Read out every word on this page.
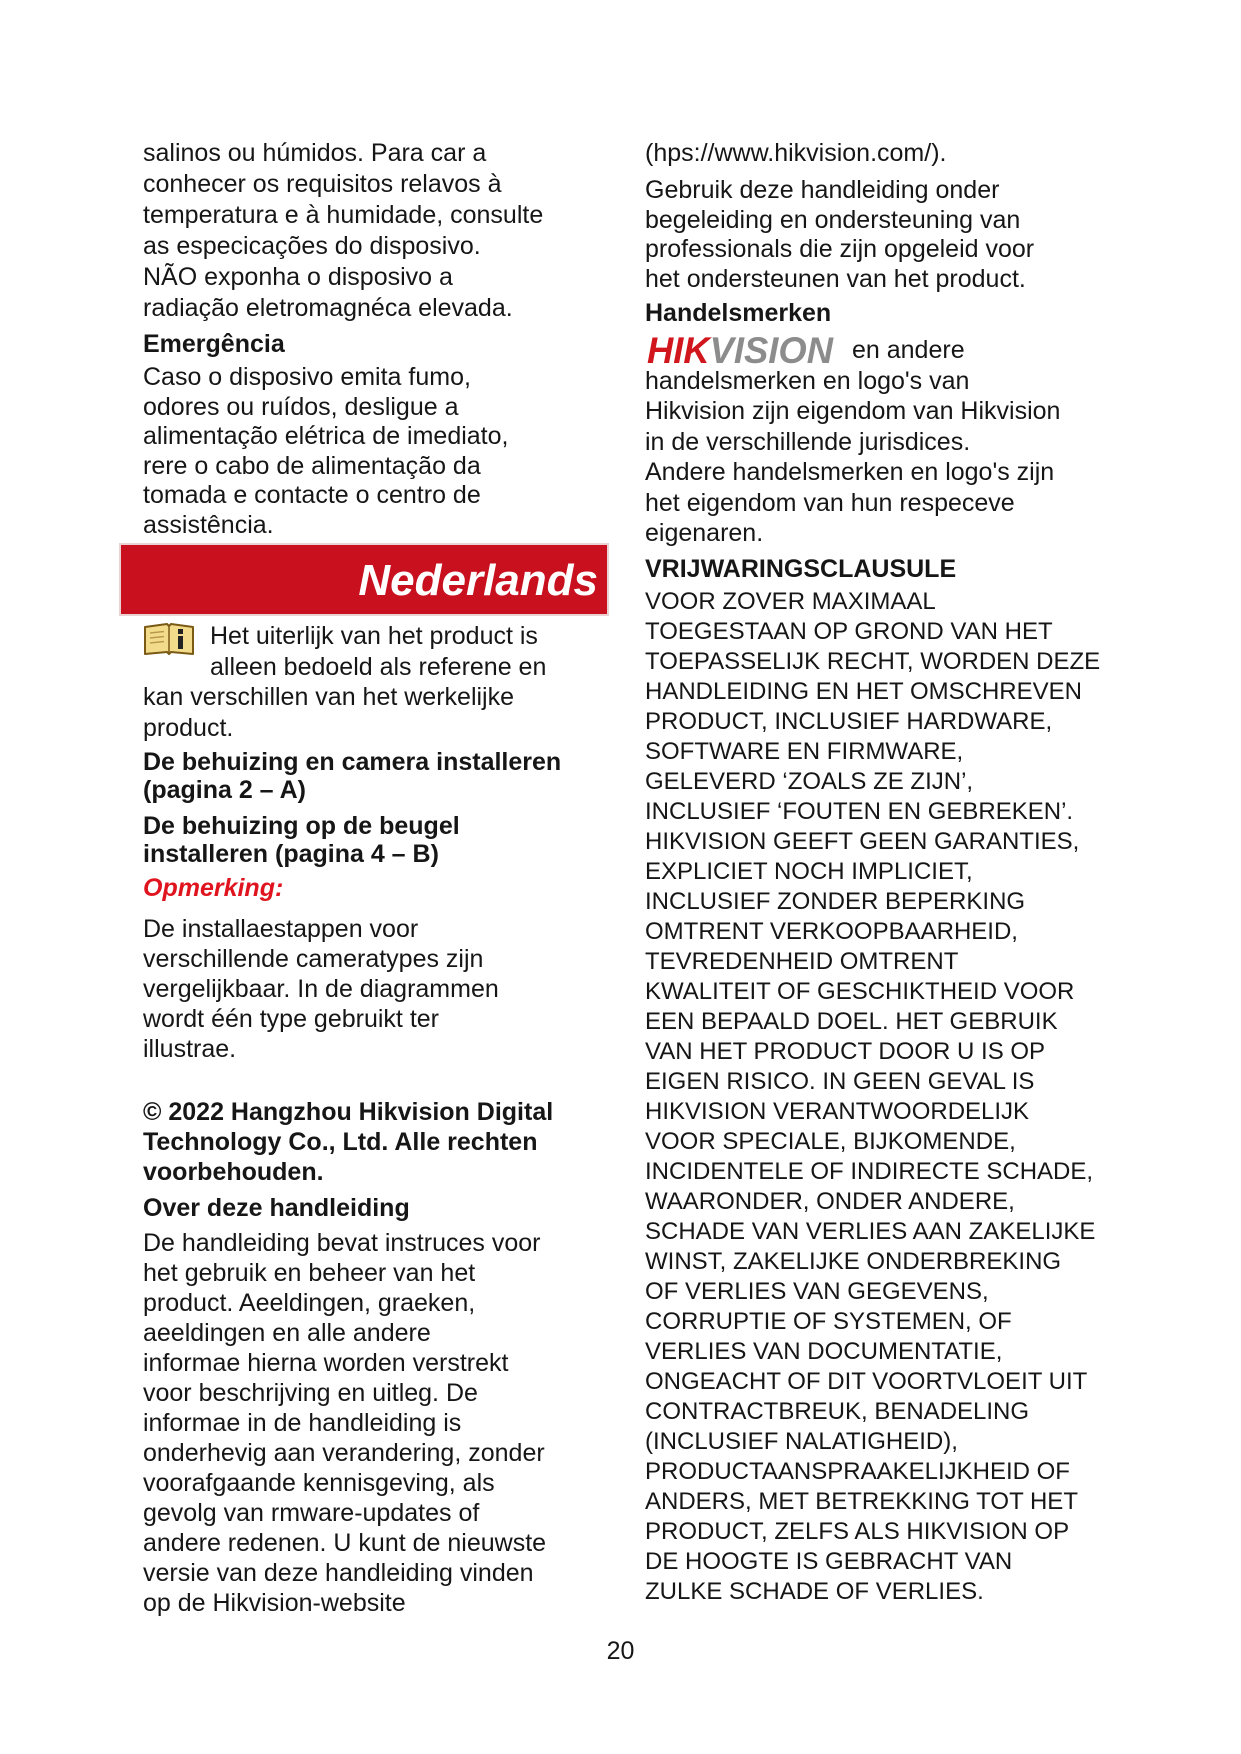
salinos ou húmidos. Para car a
conhecer os requisitos relavos à
temperatura e à humidade, consulte
as especicações do disposivo.
NÃO exponha o disposivo a
radiação eletromagnéca elevada.
Emergência
Caso o disposivo emita fumo,
odores ou ruídos, desligue a
alimentação elétrica de imediato,
rere o cabo de alimentação da
tomada e contacte o centro de
assistência.
Nederlands
Het uiterlijk van het product is
alleen bedoeld als referene en
kan verschillen van het werkelijke
product.
De behuizing en camera installeren
(pagina 2 – A)
De behuizing op de beugel
installeren (pagina 4 – B)
Opmerking:
De installaestappen voor
verschillende cameratypes zijn
vergelijkbaar. In de diagrammen
wordt één type gebruikt ter
illustrae.
© 2022 Hangzhou Hikvision Digital
Technology Co., Ltd. Alle rechten
voorbehouden.
Over deze handleiding
De handleiding bevat instruces voor
het gebruik en beheer van het
product. Aeeldingen, graeken,
aeeldingen en alle andere
informae hierna worden verstrekt
voor beschrijving en uitleg. De
informae in de handleiding is
onderhevig aan verandering, zonder
voorafgaande kennisgeving, als
gevolg van rmware-updates of
andere redenen. U kunt de nieuwste
versie van deze handleiding vinden
op de Hikvision-website
(hps://www.hikvision.com/).
Gebruik deze handleiding onder
begeleiding en ondersteuning van
professionals die zijn opgeleid voor
het ondersteunen van het product.
Handelsmerken
HIKVISION en andere
handelsmerken en logo's van
Hikvision zijn eigendom van Hikvision
in de verschillende jurisdices.
Andere handelsmerken en logo's zijn
het eigendom van hun respeceve
eigenaren.
VRIJWARINGSCLAUSULE
VOOR ZOVER MAXIMAAL
TOEGESTAAN OP GROND VAN HET
TOEPASSELIJK RECHT, WORDEN DEZE
HANDLEIDING EN HET OMSCHREVEN
PRODUCT, INCLUSIEF HARDWARE,
SOFTWARE EN FIRMWARE,
GELEVERD ‘ZOALS ZE ZIJN’,
INCLUSIEF ‘FOUTEN EN GEBREKEN’.
HIKVISION GEEFT GEEN GARANTIES,
EXPLICIET NOCH IMPLICIET,
INCLUSIEF ZONDER BEPERKING
OMTRENT VERKOOPBAARHEID,
TEVREDENHEID OMTRENT
KWALITEIT OF GESCHIKTHEID VOOR
EEN BEPAALD DOEL. HET GEBRUIK
VAN HET PRODUCT DOOR U IS OP
EIGEN RISICO. IN GEEN GEVAL IS
HIKVISION VERANTWOORDELIJK
VOOR SPECIALE, BIJKOMENDE,
INCIDENTELE OF INDIRECTE SCHADE,
WAARONDER, ONDER ANDERE,
SCHADE VAN VERLIES AAN ZAKELIJKE
WINST, ZAKELIJKE ONDERBREKING
OF VERLIES VAN GEGEVENS,
CORRUPTIE OF SYSTEMEN, OF
VERLIES VAN DOCUMENTATIE,
ONGEACHT OF DIT VOORTVLOEIT UIT
CONTRACTBREUK, BENADELING
(INCLUSIEF NALATIGHEID),
PRODUCTAANSPRAAKELIJKHEID OF
ANDERS, MET BETREKKING TOT HET
PRODUCT, ZELFS ALS HIKVISION OP
DE HOOGTE IS GEBRACHT VAN
ZULKE SCHADE OF VERLIES.
20
